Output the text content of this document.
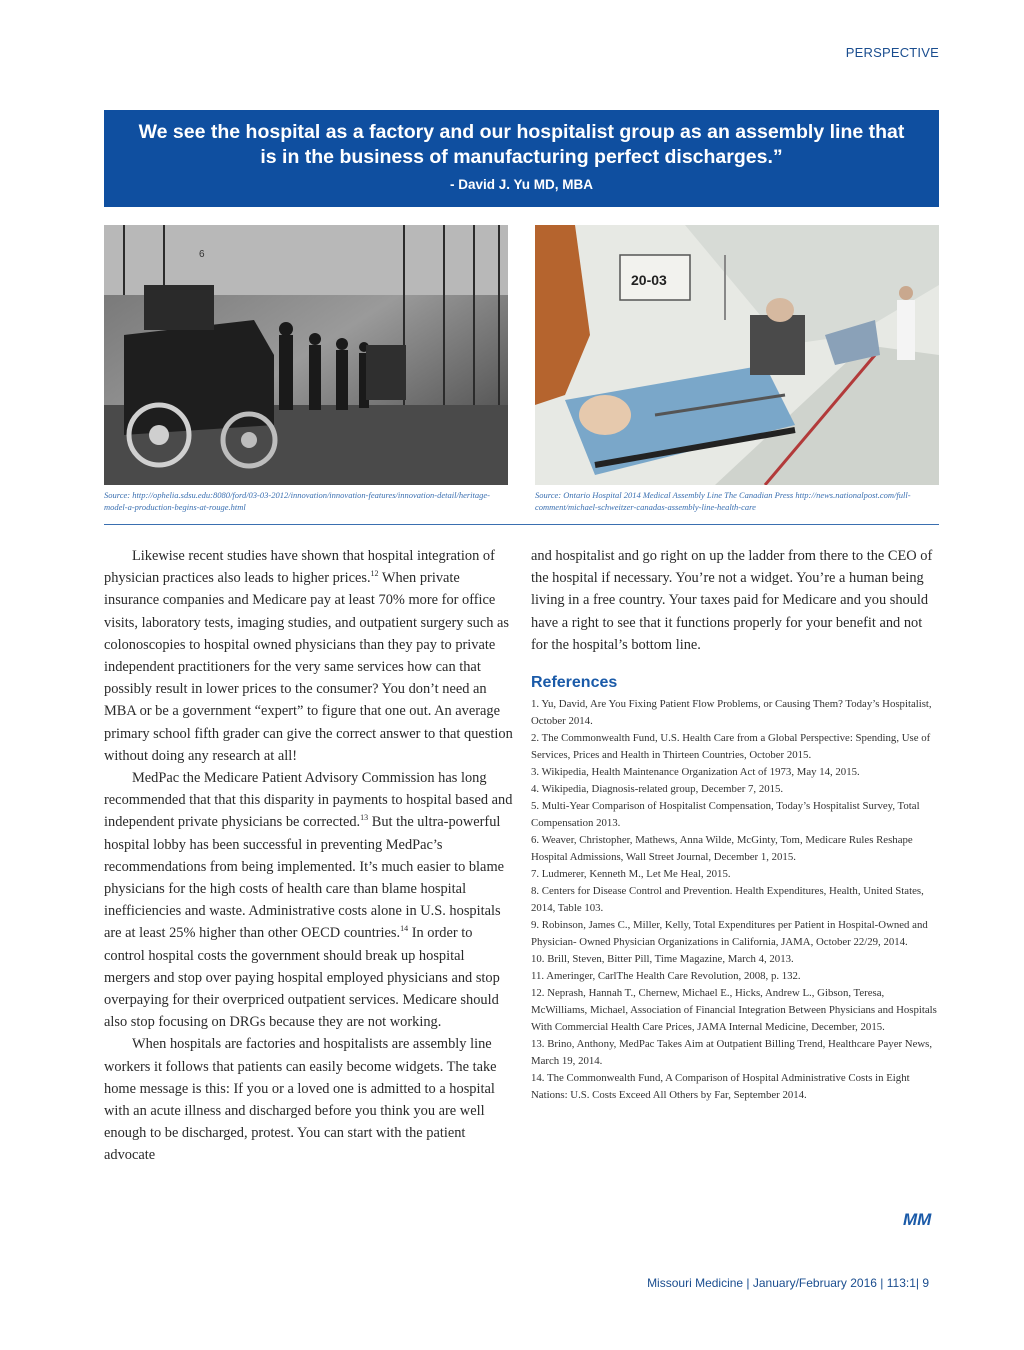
PERSPECTIVE
We see the hospital as a factory and our hospitalist group as an assembly line that is in the business of manufacturing perfect discharges.”
- David J. Yu MD, MBA
6
Source: http://ophelia.sdsu.edu:8080/ford/03-03-2012/innovation/innovation-features/innovation-detail/heritage-model-a-production-begins-at-rouge.html
20-03
Source: Ontario Hospital 2014 Medical Assembly Line The Canadian Press http://news.nationalpost.com/full-comment/michael-schweitzer-canadas-assembly-line-health-care

Likewise recent studies have shown that hospital integration of physician practices also leads to higher prices.$^{12}$ When private insurance companies and Medicare pay at least 70% more for office visits, laboratory tests, imaging studies, and outpatient surgery such as colonoscopies to hospital owned physicians than they pay to private independent practitioners for the very same services how can that possibly result in lower prices to the consumer? You don’t need an MBA or be a government “expert” to figure that one out. An average primary school fifth grader can give the correct answer to that question without doing any research at all!

MedPac the Medicare Patient Advisory Commission has long recommended that that this disparity in payments to hospital based and independent private physicians be corrected.$^{13}$ But the ultra-powerful hospital lobby has been successful in preventing MedPac’s recommendations from being implemented. It’s much easier to blame physicians for the high costs of health care than blame hospital inefficiencies and waste. Administrative costs alone in U.S. hospitals are at least 25% higher than other OECD countries.$^{14}$ In order to control hospital costs the government should break up hospital mergers and stop over paying hospital employed physicians and stop overpaying for their overpriced outpatient services. Medicare should also stop focusing on DRGs because they are not working.

When hospitals are factories and hospitalists are assembly line workers it follows that patients can easily become widgets. The take home message is this: If you or a loved one is admitted to a hospital with an acute illness and discharged before you think you are well enough to be discharged, protest. You can start with the patient advocate

and hospitalist and go right on up the ladder from there to the CEO of the hospital if necessary. You’re not a widget. You’re a human being living in a free country. Your taxes paid for Medicare and you should have a right to see that it functions properly for your benefit and not for the hospital’s bottom line.

References
1. Yu, David, Are You Fixing Patient Flow Problems, or Causing Them? Today’s Hospitalist, October 2014.
2. The Commonwealth Fund, U.S. Health Care from a Global Perspective: Spending, Use of Services, Prices and Health in Thirteen Countries, October 2015.
3. Wikipedia, Health Maintenance Organization Act of 1973, May 14, 2015.
4. Wikipedia, Diagnosis-related group, December 7, 2015.
5. Multi-Year Comparison of Hospitalist Compensation, Today’s Hospitalist Survey, Total Compensation 2013.
6. Weaver, Christopher, Mathews, Anna Wilde, McGinty, Tom, Medicare Rules Reshape Hospital Admissions, Wall Street Journal, December 1, 2015.
7. Ludmerer, Kenneth M., Let Me Heal, 2015.
8. Centers for Disease Control and Prevention. Health Expenditures, Health, United States, 2014, Table 103.
9. Robinson, James C., Miller, Kelly, Total Expenditures per Patient in Hospital-Owned and Physician- Owned Physician Organizations in California, JAMA, October 22/29, 2014.
10. Brill, Steven, Bitter Pill, Time Magazine, March 4, 2013.
11. Ameringer, CarlThe Health Care Revolution, 2008, p. 132.
12. Neprash, Hannah T., Chernew, Michael E., Hicks, Andrew L., Gibson, Teresa, McWilliams, Michael, Association of Financial Integration Between Physicians and Hospitals With Commercial Health Care Prices, JAMA Internal Medicine, December, 2015.
13. Brino, Anthony, MedPac Takes Aim at Outpatient Billing Trend, Healthcare Payer News, March 19, 2014.
14. The Commonwealth Fund, A Comparison of Hospital Administrative Costs in Eight Nations: U.S. Costs Exceed All Others by Far, September 2014.
MM
Missouri Medicine | January/February 2016 | 113:1| 9
